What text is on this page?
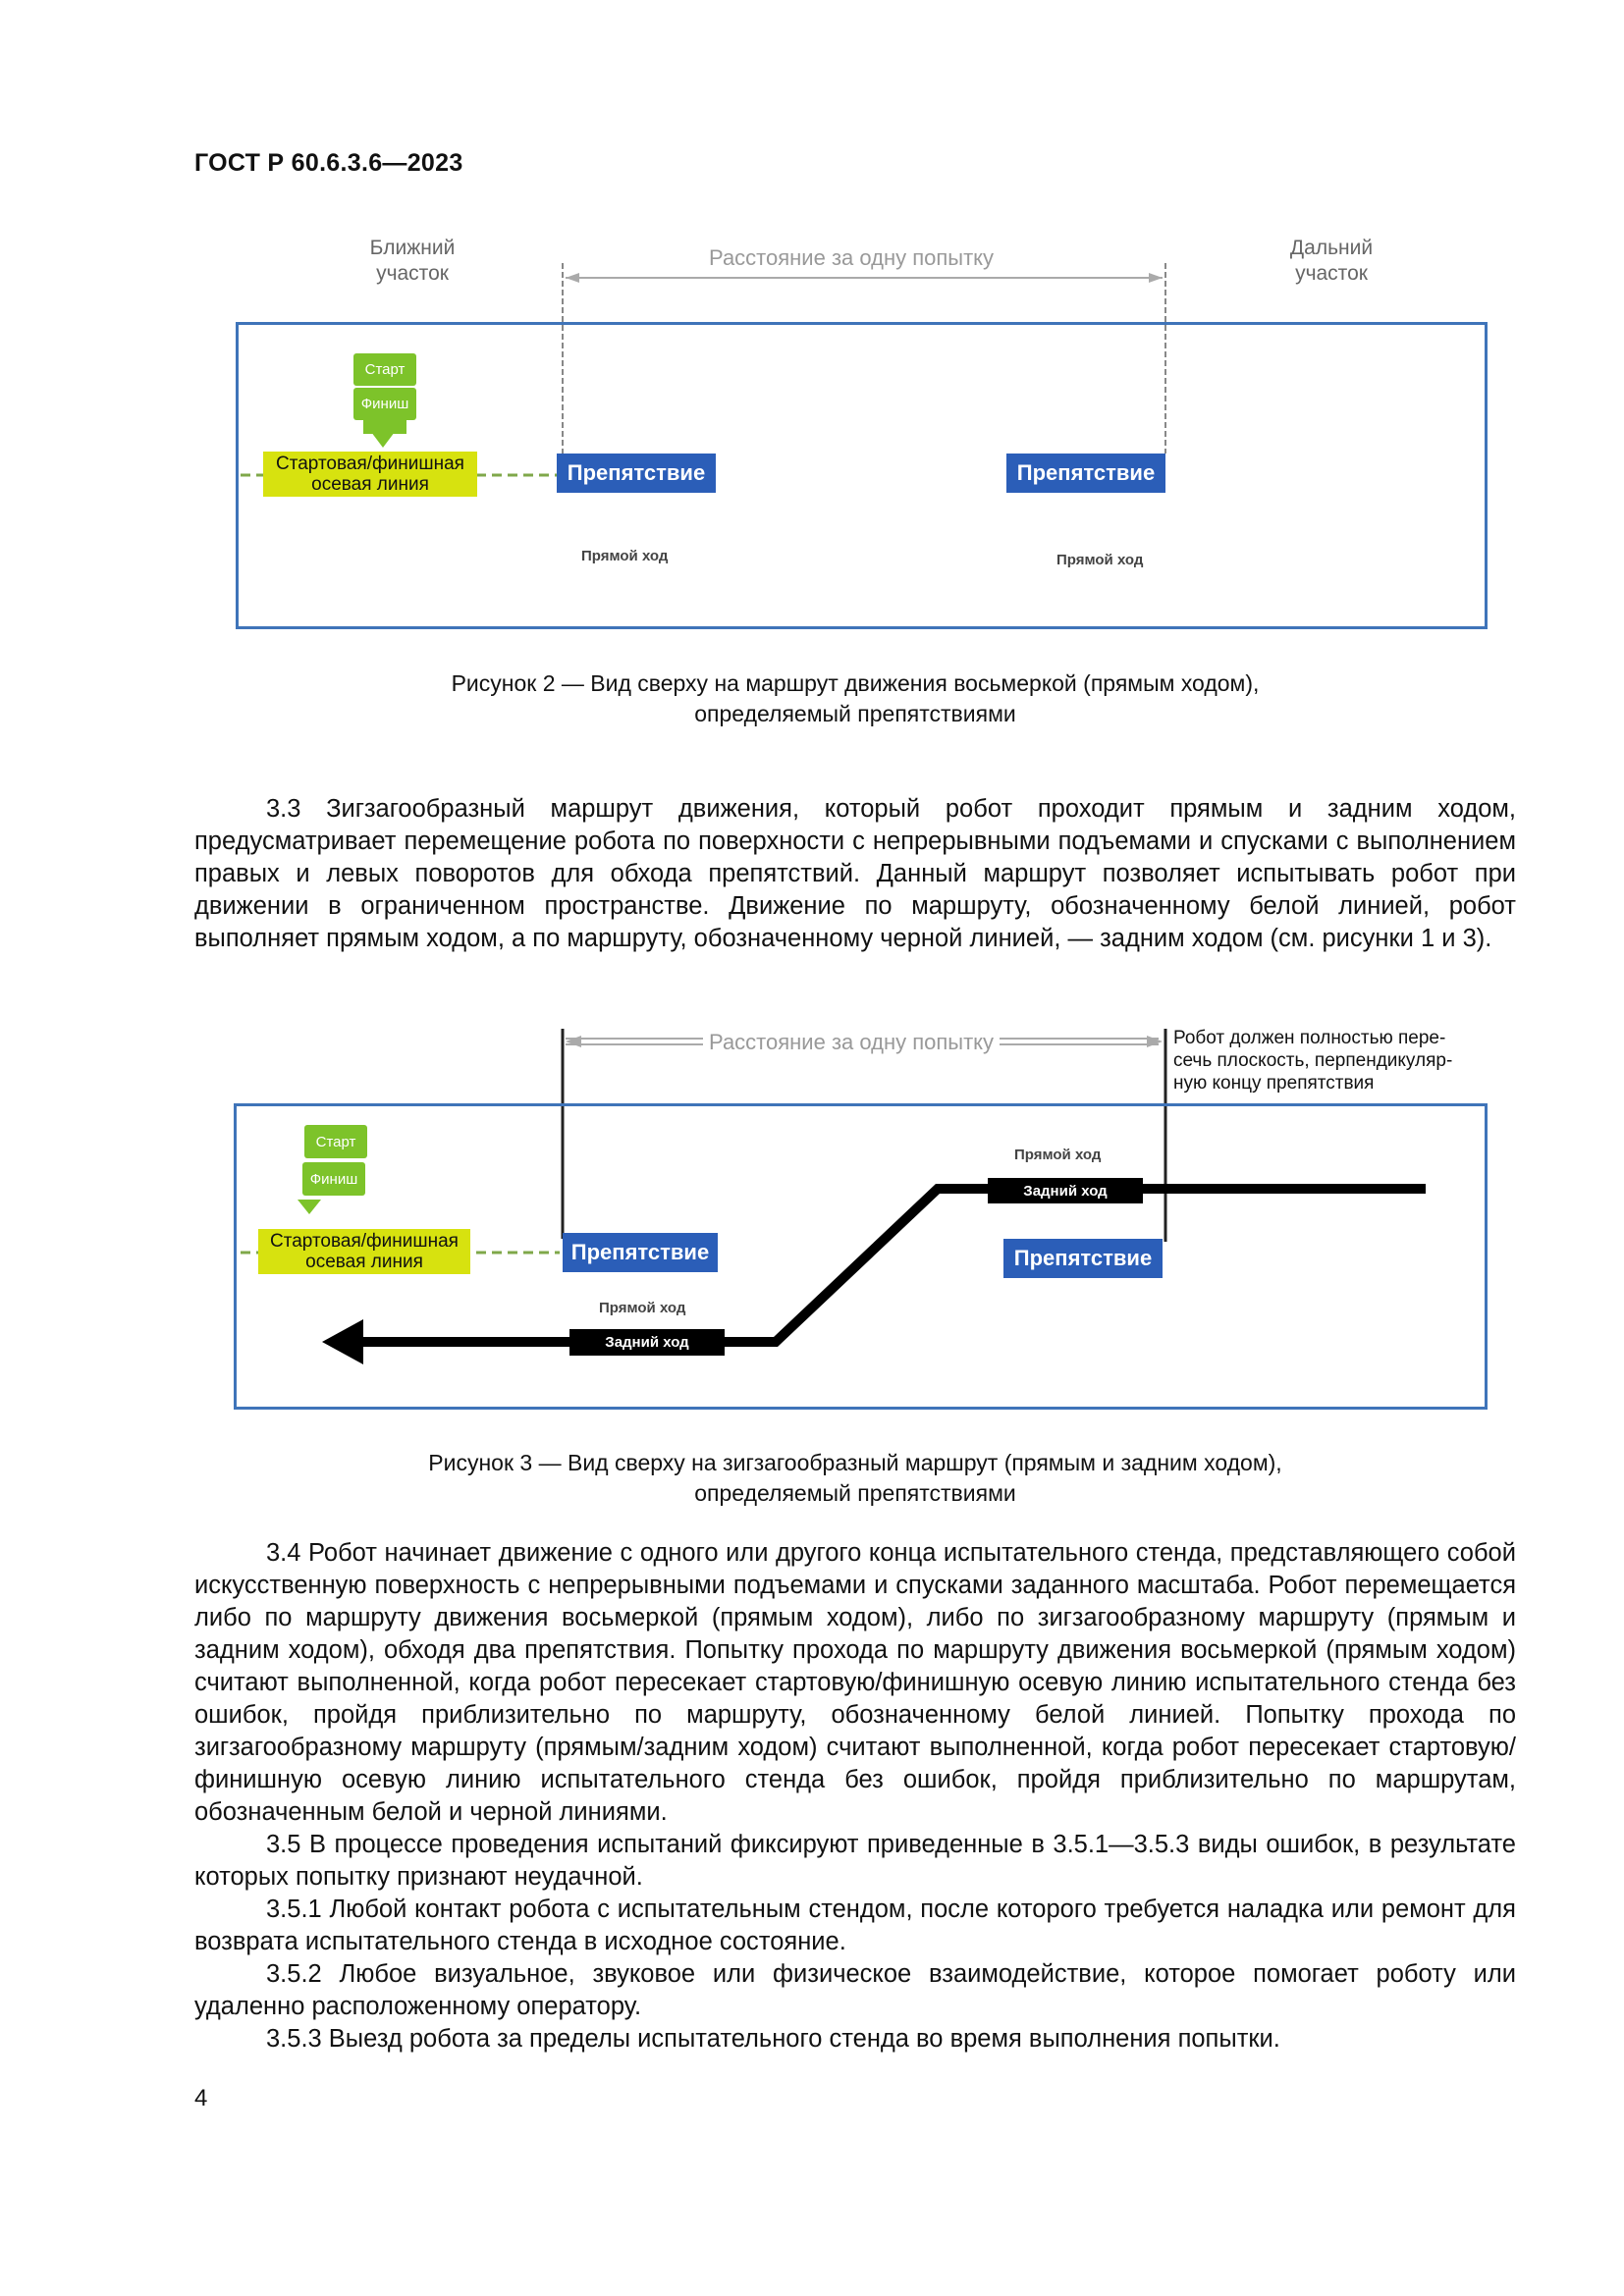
ГОСТ Р 60.6.3.6—2023
Ближний
участок
Дальний
участок
Расстояние за одну попытку
Старт
Финиш
Стартовая/финишная
осевая линия	Препятствие	Препятствие
Прямой ход	Прямой ход
Рисунок 2 — Вид сверху на маршрут движения восьмеркой (прямым ходом),
определяемый препятствиями

3.3 Зигзагообразный маршрут движения, который робот проходит прямым и задним ходом, предусматривает перемещение робота по поверхности с непрерывными подъемами и спусками с выполнением правых и левых поворотов для обхода препятствий. Данный маршрут позволяет испытывать робот при движении в ограниченном пространстве. Движение по маршруту, обозначенному белой линией, робот выполняет прямым ходом, а по маршруту, обозначенному черной линией, — задним ходом (см. рисунки 1 и 3).

Расстояние за одну попытку	Робот должен полностью пере-
сечь плоскость, перпендикуляр-
ную концу препятствия
Старт
Финиш
Стартовая/финишная
осевая линия	Препятствие	Препятствие
Прямой ход
Задний ход
Прямой ход
Задний ход
Рисунок 3 — Вид сверху на зигзагообразный маршрут (прямым и задним ходом),
определяемый препятствиями

3.4 Робот начинает движение с одного или другого конца испытательного стенда, представляющего собой искусственную поверхность с непрерывными подъемами и спусками заданного масштаба. Робот перемещается либо по маршруту движения восьмеркой (прямым ходом), либо по зигзагообразному маршруту (прямым и задним ходом), обходя два препятствия. Попытку прохода по маршруту движения восьмеркой (прямым ходом) считают выполненной, когда робот пересекает стартовую/финишную осевую линию испытательного стенда без ошибок, пройдя приблизительно по маршруту, обозначенному белой линией. Попытку прохода по зигзагообразному маршруту (прямым/задним ходом) считают выполненной, когда робот пересекает стартовую/финишную осевую линию испытательного стенда без ошибок, пройдя приблизительно по маршрутам, обозначенным белой и черной линиями.

3.5 В процессе проведения испытаний фиксируют приведенные в 3.5.1—3.5.3 виды ошибок, в результате которых попытку признают неудачной.

3.5.1 Любой контакт робота с испытательным стендом, после которого требуется наладка или ремонт для возврата испытательного стенда в исходное состояние.

3.5.2 Любое визуальное, звуковое или физическое взаимодействие, которое помогает роботу или удаленно расположенному оператору.

3.5.3 Выезд робота за пределы испытательного стенда во время выполнения попытки.

4
